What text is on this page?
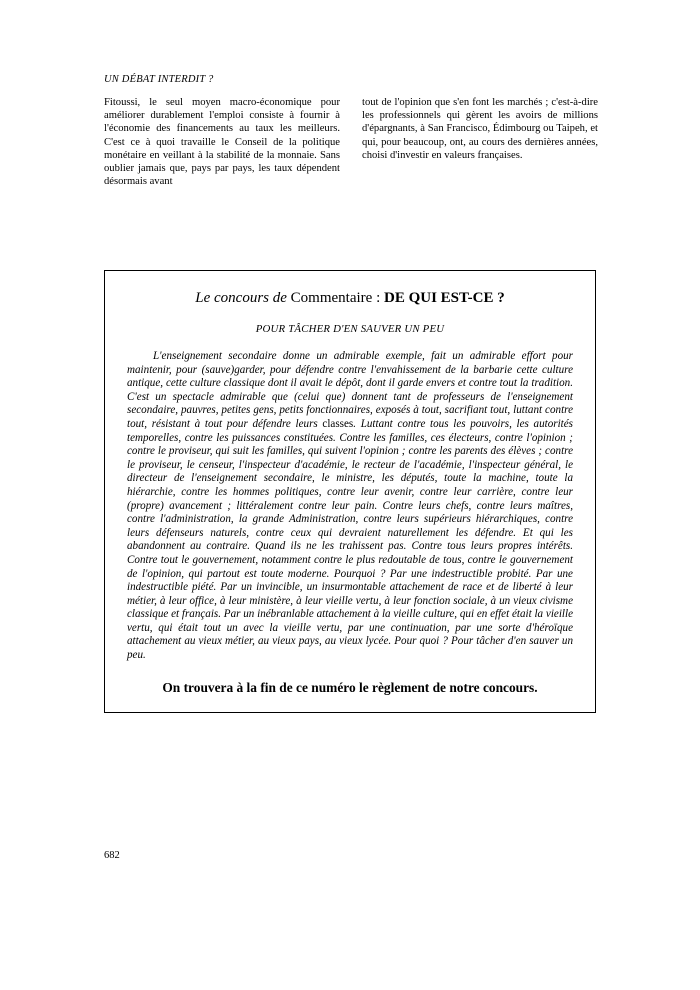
UN DÉBAT INTERDIT ?
Fitoussi, le seul moyen macro-économique pour améliorer durablement l'emploi consiste à fournir à l'économie des financements au taux les meilleurs. C'est ce à quoi travaille le Conseil de la politique monétaire en veillant à la stabilité de la monnaie. Sans oublier jamais que, pays par pays, les taux dépendent désormais avant
tout de l'opinion que s'en font les marchés ; c'est-à-dire les professionnels qui gèrent les avoirs de millions d'épargnants, à San Francisco, Édimbourg ou Taipeh, et qui, pour beaucoup, ont, au cours des dernières années, choisi d'investir en valeurs françaises.
Le concours de Commentaire : DE QUI EST-CE ?
POUR TÂCHER D'EN SAUVER UN PEU
L'enseignement secondaire donne un admirable exemple, fait un admirable effort pour maintenir, pour (sauve)garder, pour défendre contre l'envahissement de la barbarie cette culture antique, cette culture classique dont il avait le dépôt, dont il garde envers et contre tout la tradition. C'est un spectacle admirable que (celui que) donnent tant de professeurs de l'enseignement secondaire, pauvres, petites gens, petits fonctionnaires, exposés à tout, sacrifiant tout, luttant contre tout, résistant à tout pour défendre leurs classes. Luttant contre tous les pouvoirs, les autorités temporelles, contre les puissances constituées. Contre les familles, ces électeurs, contre l'opinion ; contre le proviseur, qui suit les familles, qui suivent l'opinion ; contre les parents des élèves ; contre le proviseur, le censeur, l'inspecteur d'académie, le recteur de l'académie, l'inspecteur général, le directeur de l'enseignement secondaire, le ministre, les députés, toute la machine, toute la hiérarchie, contre les hommes politiques, contre leur avenir, contre leur carrière, contre leur (propre) avancement ; littéralement contre leur pain. Contre leurs chefs, contre leurs maîtres, contre l'administration, la grande Administration, contre leurs supérieurs hiérarchiques, contre leurs défenseurs naturels, contre ceux qui devraient naturellement les défendre. Et qui les abandonnent au contraire. Quand ils ne les trahissent pas. Contre tous leurs propres intérêts. Contre tout le gouvernement, notamment contre le plus redoutable de tous, contre le gouvernement de l'opinion, qui partout est toute moderne. Pourquoi ? Par une indestructible probité. Par une indestructible piété. Par un invincible, un insurmontable attachement de race et de liberté à leur métier, à leur office, à leur ministère, à leur vieille vertu, à leur fonction sociale, à un vieux civisme classique et français. Par un inébranlable attachement à la vieille culture, qui en effet était la vieille vertu, qui était tout un avec la vieille vertu, par une continuation, par une sorte d'héroïque attachement au vieux métier, au vieux pays, au vieux lycée. Pour quoi ? Pour tâcher d'en sauver un peu.
On trouvera à la fin de ce numéro le règlement de notre concours.
682
